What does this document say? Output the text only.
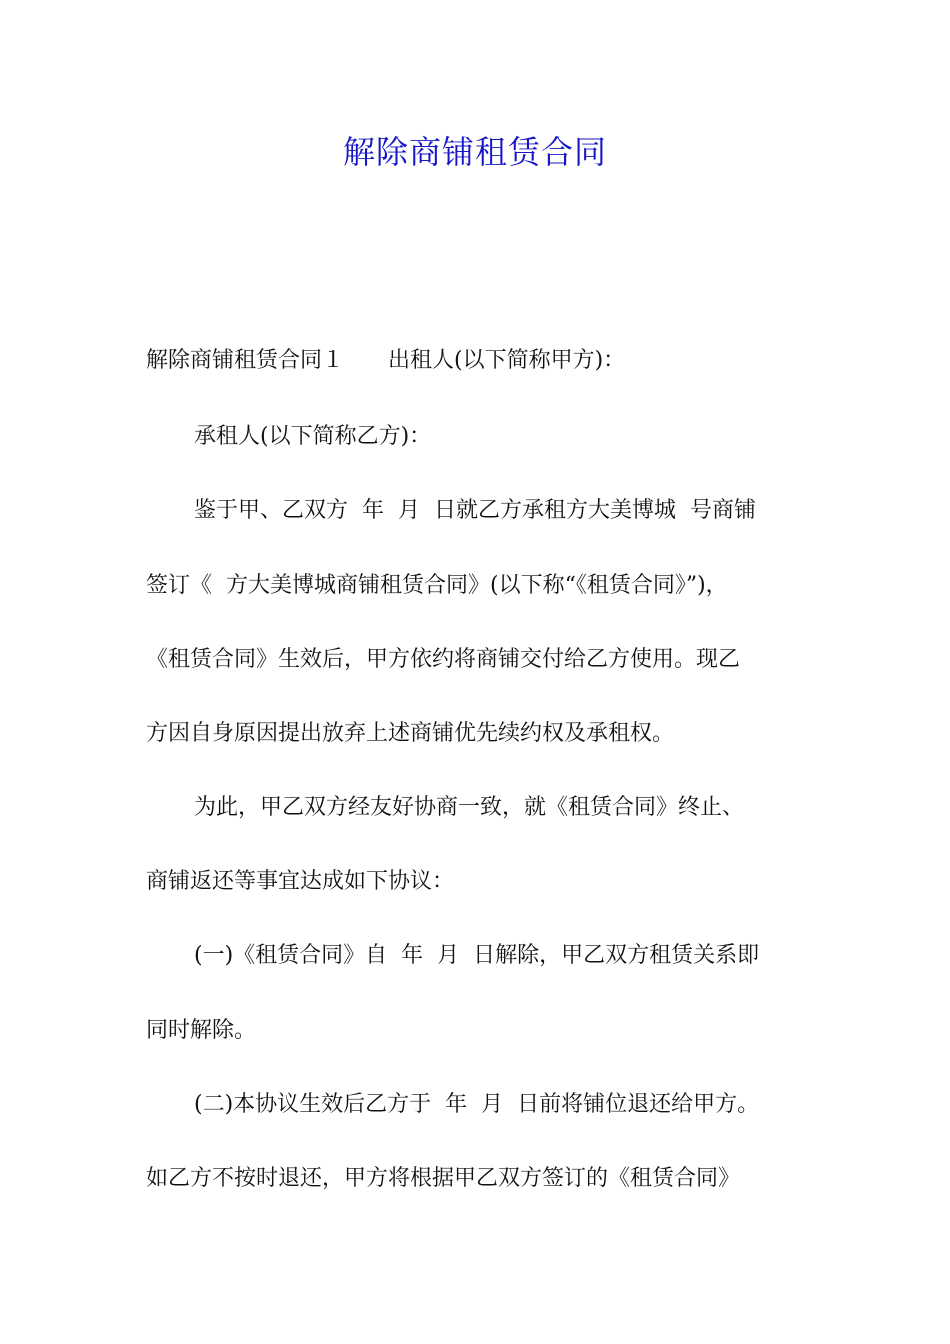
解除商铺租赁合同
解除商铺租赁合同１　　出租人(以下简称甲方)：
承租人(以下简称乙方)：
鉴于甲、乙双方  年  月  日就乙方承租方大美博城  号商铺
签订《  方大美博城商铺租赁合同》(以下称“《租赁合同》”)，
《租赁合同》生效后，甲方依约将商铺交付给乙方使用。现乙
方因自身原因提出放弃上述商铺优先续约权及承租权。
为此，甲乙双方经友好协商一致，就《租赁合同》终止、
商铺返还等事宜达成如下协议：
(一)《租赁合同》自  年  月  日解除，甲乙双方租赁关系即
同时解除。
(二)本协议生效后乙方于  年  月  日前将铺位退还给甲方。
如乙方不按时退还，甲方将根据甲乙双方签订的《租赁合同》
